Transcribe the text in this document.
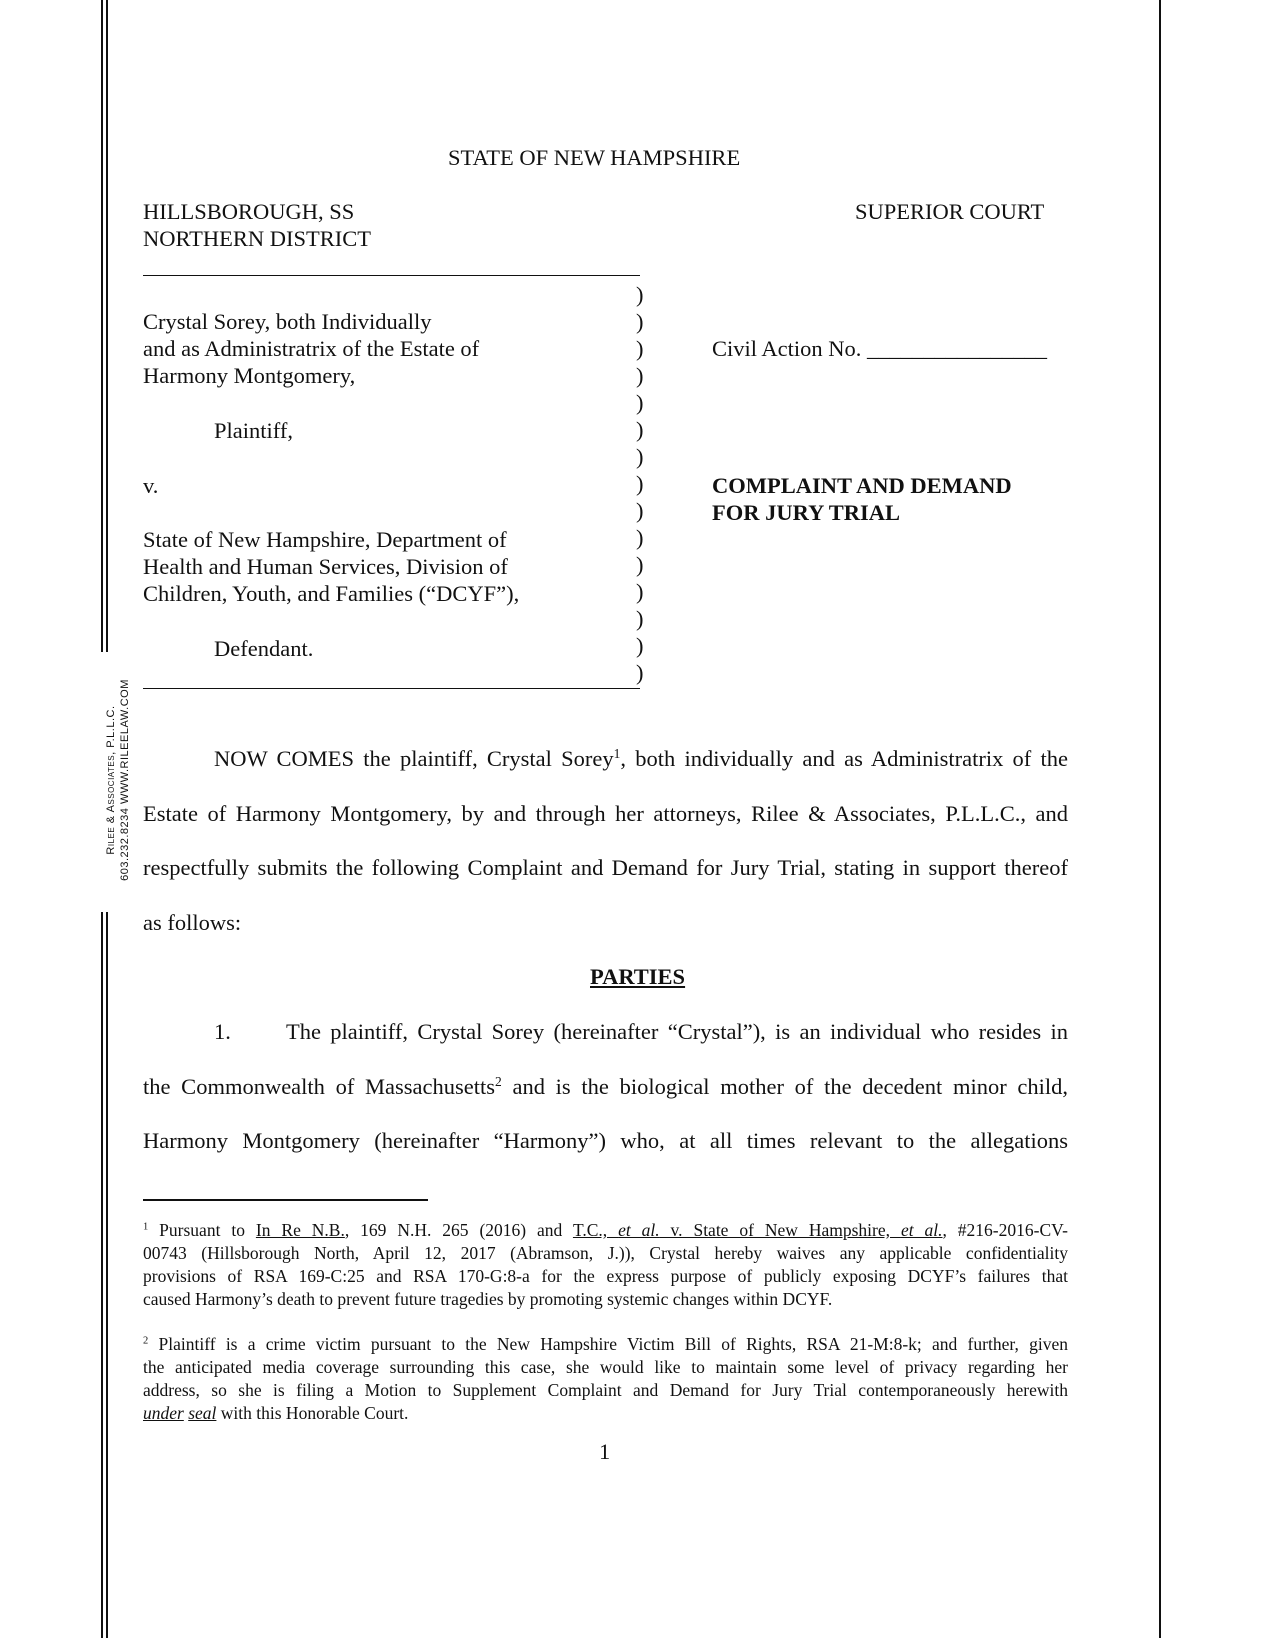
Rilee & Associates, P.L.L.C. 603.232.8234 WWW.RILEELAW.COM
STATE OF NEW HAMPSHIRE
HILLSBOROUGH, SS
NORTHERN DISTRICT
SUPERIOR COURT
)
)
)
)
)
)
)
)
)
)
)
)
)
)
)
Crystal Sorey, both Individually
and as Administratrix of the Estate of
Harmony Montgomery,
Plaintiff,
v.
State of New Hampshire, Department of
Health and Human Services, Division of
Children, Youth, and Families (“DCYF”),
Defendant.
Civil Action No. ________________
COMPLAINT AND DEMAND
FOR JURY TRIAL
NOW COMES the plaintiff, Crystal Sorey$^1$, both individually and as Administratrix of the
Estate of Harmony Montgomery, by and through her attorneys, Rilee & Associates, P.L.L.C., and
respectfully submits the following Complaint and Demand for Jury Trial, stating in support thereof
as follows:
PARTIES
1. The plaintiff, Crystal Sorey (hereinafter “Crystal”), is an individual who resides in
the Commonwealth of Massachusetts$^2$ and is the biological mother of the decedent minor child,
Harmony Montgomery (hereinafter “Harmony”) who, at all times relevant to the allegations
$^1$ Pursuant to In Re N.B., 169 N.H. 265 (2016) and T.C., et al. v. State of New Hampshire, et al., #216-2016-CV-
00743 (Hillsborough North, April 12, 2017 (Abramson, J.)), Crystal hereby waives any applicable confidentiality
provisions of RSA 169-C:25 and RSA 170-G:8-a for the express purpose of publicly exposing DCYF’s failures that
caused Harmony’s death to prevent future tragedies by promoting systemic changes within DCYF.
$^2$ Plaintiff is a crime victim pursuant to the New Hampshire Victim Bill of Rights, RSA 21-M:8-k; and further, given
the anticipated media coverage surrounding this case, she would like to maintain some level of privacy regarding her
address, so she is filing a Motion to Supplement Complaint and Demand for Jury Trial contemporaneously herewith
under seal with this Honorable Court.
1
